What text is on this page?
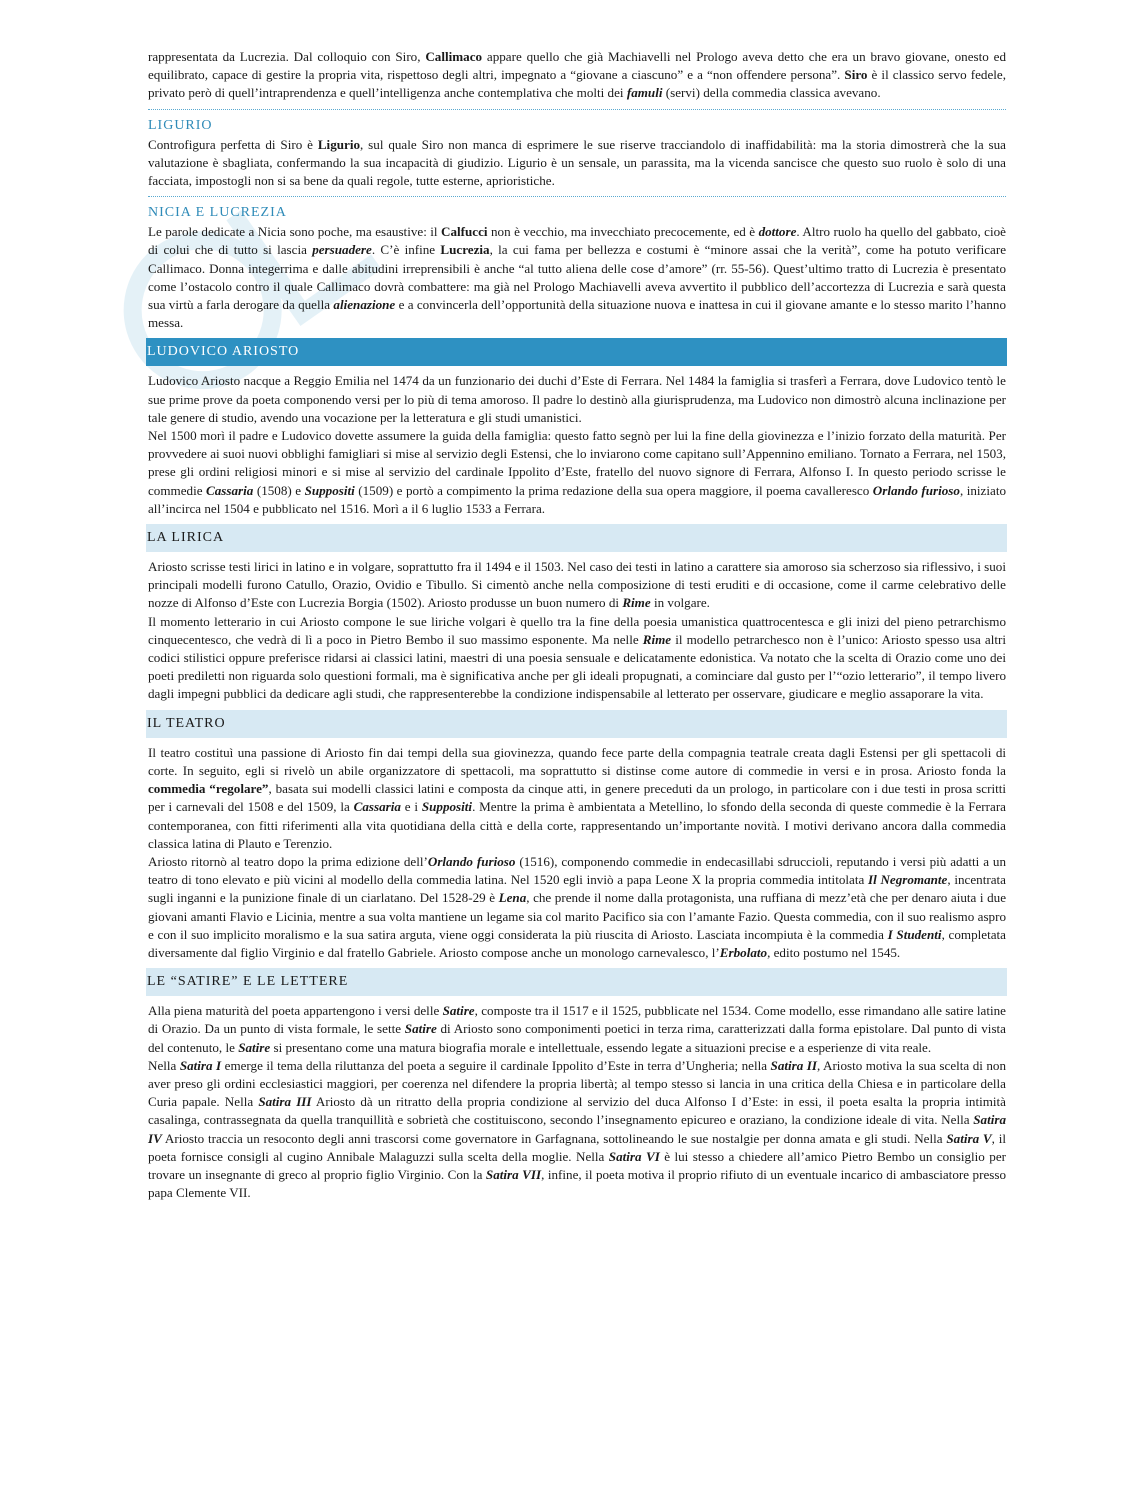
rappresentata da Lucrezia. Dal colloquio con Siro, Callimaco appare quello che già Machiavelli nel Prologo aveva detto che era un bravo giovane, onesto ed equilibrato, capace di gestire la propria vita, rispettoso degli altri, impegnato a “giovane a ciascuno” e a “non offendere persona”. Siro è il classico servo fedele, privato però di quell’intraprendenza e quell’intelligenza anche contemplativa che molti dei famuli (servi) della commedia classica avevano.

LIGURIO

Controfigura perfetta di Siro è Ligurio, sul quale Siro non manca di esprimere le sue riserve tracciandolo di inaffidabilità: ma la storia dimostrerà che la sua valutazione è sbagliata, confermando la sua incapacità di giudizio. Ligurio è un sensale, un parassita, ma la vicenda sancisce che questo suo ruolo è solo di una facciata, impostogli non si sa bene da quali regole, tutte esterne, aprioristiche.

NICIA E LUCREZIA

Le parole dedicate a Nicia sono poche, ma esaustive: il Calfucci non è vecchio, ma invecchiato precocemente, ed è dottore. Altro ruolo ha quello del gabbato, cioè di colui che di tutto si lascia persuadere. C’è infine Lucrezia, la cui fama per bellezza e costumi è “minore assai che la verità”, come ha potuto verificare Callimaco. Donna integerrima e dalle abitudini irreprensibili è anche “al tutto aliena delle cose d’amore” (rr. 55-56). Quest’ultimo tratto di Lucrezia è presentato come l’ostacolo contro il quale Callimaco dovrà combattere: ma già nel Prologo Machiavelli aveva avvertito il pubblico dell’accortezza di Lucrezia e sarà questa sua virtù a farla derogare da quella alienazione e a convincerla dell’opportunità della situazione nuova e inattesa in cui il giovane amante e lo stesso marito l’hanno messa.

LUDOVICO ARIOSTO

Ludovico Ariosto nacque a Reggio Emilia nel 1474 da un funzionario dei duchi d’Este di Ferrara. Nel 1484 la famiglia si trasferì a Ferrara, dove Ludovico tentò le sue prime prove da poeta componendo versi per lo più di tema amoroso. Il padre lo destinò alla giurisprudenza, ma Ludovico non dimostrò alcuna inclinazione per tale genere di studio, avendo una vocazione per la letteratura e gli studi umanistici.

Nel 1500 morì il padre e Ludovico dovette assumere la guida della famiglia: questo fatto segnò per lui la fine della giovinezza e l’inizio forzato della maturità. Per provvedere ai suoi nuovi obblighi famigliari si mise al servizio degli Estensi, che lo inviarono come capitano sull’Appennino emiliano. Tornato a Ferrara, nel 1503, prese gli ordini religiosi minori e si mise al servizio del cardinale Ippolito d’Este, fratello del nuovo signore di Ferrara, Alfonso I. In questo periodo scrisse le commedie Cassaria (1508) e Suppositi (1509) e portò a compimento la prima redazione della sua opera maggiore, il poema cavalleresco Orlando furioso, iniziato all’incirca nel 1504 e pubblicato nel 1516. Morì a il 6 luglio 1533 a Ferrara.

LA LIRICA

Ariosto scrisse testi lirici in latino e in volgare, soprattutto fra il 1494 e il 1503. Nel caso dei testi in latino a carattere sia amoroso sia scherzoso sia riflessivo, i suoi principali modelli furono Catullo, Orazio, Ovidio e Tibullo. Si cimentò anche nella composizione di testi eruditi e di occasione, come il carme celebrativo delle nozze di Alfonso d’Este con Lucrezia Borgia (1502). Ariosto produsse un buon numero di Rime in volgare.

Il momento letterario in cui Ariosto compone le sue liriche volgari è quello tra la fine della poesia umanistica quattrocentesca e gli inizi del pieno petrarchismo cinquecentesco, che vedrà di lì a poco in Pietro Bembo il suo massimo esponente. Ma nelle Rime il modello petrarchesco non è l’unico: Ariosto spesso usa altri codici stilistici oppure preferisce ridarsi ai classici latini, maestri di una poesia sensuale e delicatamente edonistica. Va notato che la scelta di Orazio come uno dei poeti prediletti non riguarda solo questioni formali, ma è significativa anche per gli ideali propugnati, a cominciare dal gusto per l’“ozio letterario”, il tempo livero dagli impegni pubblici da dedicare agli studi, che rappresenterebbe la condizione indispensabile al letterato per osservare, giudicare e meglio assaporare la vita.

IL TEATRO

Il teatro costituì una passione di Ariosto fin dai tempi della sua giovinezza, quando fece parte della compagnia teatrale creata dagli Estensi per gli spettacoli di corte. In seguito, egli si rivelò un abile organizzatore di spettacoli, ma soprattutto si distinse come autore di commedie in versi e in prosa. Ariosto fonda la commedia “regolare”, basata sui modelli classici latini e composta da cinque atti, in genere preceduti da un prologo, in particolare con i due testi in prosa scritti per i carnevali del 1508 e del 1509, la Cassaria e i Suppositi. Mentre la prima è ambientata a Metellino, lo sfondo della seconda di queste commedie è la Ferrara contemporanea, con fitti riferimenti alla vita quotidiana della città e della corte, rappresentando un’importante novità. I motivi derivano ancora dalla commedia classica latina di Plauto e Terenzio.

Ariosto ritornò al teatro dopo la prima edizione dell’Orlando furioso (1516), componendo commedie in endecasillabi sdruccioli, reputando i versi più adatti a un teatro di tono elevato e più vicini al modello della commedia latina. Nel 1520 egli inviò a papa Leone X la propria commedia intitolata Il Negromante, incentrata sugli inganni e la punizione finale di un ciarlatano. Del 1528-29 è Lena, che prende il nome dalla protagonista, una ruffiana di mezz’età che per denaro aiuta i due giovani amanti Flavio e Licinia, mentre a sua volta mantiene un legame sia col marito Pacifico sia con l’amante Fazio. Questa commedia, con il suo realismo aspro e con il suo implicito moralismo e la sua satira arguta, viene oggi considerata la più riuscita di Ariosto. Lasciata incompiuta è la commedia I Studenti, completata diversamente dal figlio Virginio e dal fratello Gabriele. Ariosto compose anche un monologo carnevalesco, l’Erbolato, edito postumo nel 1545.

LE “SATIRE” E LE LETTERE

Alla piena maturità del poeta appartengono i versi delle Satire, composte tra il 1517 e il 1525, pubblicate nel 1534. Come modello, esse rimandano alle satire latine di Orazio. Da un punto di vista formale, le sette Satire di Ariosto sono componimenti poetici in terza rima, caratterizzati dalla forma epistolare. Dal punto di vista del contenuto, le Satire si presentano come una matura biografia morale e intellettuale, essendo legate a situazioni precise e a esperienze di vita reale.

Nella Satira I emerge il tema della riluttanza del poeta a seguire il cardinale Ippolito d’Este in terra d’Ungheria; nella Satira II, Ariosto motiva la sua scelta di non aver preso gli ordini ecclesiastici maggiori, per coerenza nel difendere la propria libertà; al tempo stesso si lancia in una critica della Chiesa e in particolare della Curia papale. Nella Satira III Ariosto dà un ritratto della propria condizione al servizio del duca Alfonso I d’Este: in essi, il poeta esalta la propria intimità casalinga, contrassegnata da quella tranquillità e sobrietà che costituiscono, secondo l’insegnamento epicureo e oraziano, la condizione ideale di vita. Nella Satira IV Ariosto traccia un resoconto degli anni trascorsi come governatore in Garfagnana, sottolineando le sue nostalgie per donna amata e gli studi. Nella Satira V, il poeta fornisce consigli al cugino Annibale Malaguzzi sulla scelta della moglie. Nella Satira VI è lui stesso a chiedere all’amico Pietro Bembo un consiglio per trovare un insegnante di greco al proprio figlio Virginio. Con la Satira VII, infine, il poeta motiva il proprio rifiuto di un eventuale incarico di ambasciatore presso papa Clemente VII.
